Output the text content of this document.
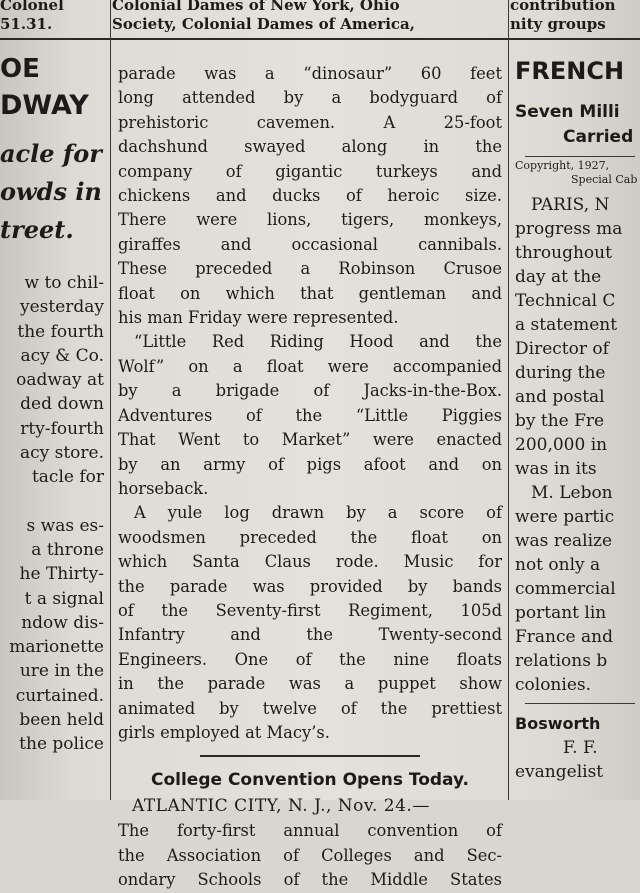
Colonel
51.31.
Colonial Dames of New York, Ohio
Society, Colonial Dames of America,
contribution
nity groups
OE
DWAY
acle for
owds in
treet.
w to chil-
yesterday
the fourth
acy & Co.
oadway at
ded down
rty-fourth
acy store.
tacle for
s was es-
a throne
he Thirty-
t a signal
ndow dis-
marionette
ure in the
curtained.
been held
the police
parade was a “dinosaur” 60 feet
long attended by a bodyguard of
prehistoric cavemen. A 25-foot
dachshund swayed along in the
company of gigantic turkeys and
chickens and ducks of heroic size.
There were lions, tigers, monkeys,
giraffes and occasional cannibals.
These preceded a Robinson Crusoe
float on which that gentleman and
his man Friday were represented.
“Little Red Riding Hood and the
Wolf” on a float were accompanied
by a brigade of Jacks-in-the-Box.
Adventures of the “Little Piggies
That Went to Market” were enacted
by an army of pigs afoot and on
horseback.
A yule log drawn by a score of
woodsmen preceded the float on
which Santa Claus rode. Music for
the parade was provided by bands
of the Seventy-first Regiment, 105d
Infantry and the Twenty-second
Engineers. One of the nine floats
in the parade was a puppet show
animated by twelve of the prettiest
girls employed at Macy’s.
College Convention Opens Today.
ATLANTIC CITY, N. J., Nov. 24.—
The forty-first annual convention of
the Association of Colleges and Sec-
ondary Schools of the Middle States
FRENCH
Seven Milli
Carried
Copyright, 1927,
Special Cab
PARIS, N
progress ma
throughout
day at the
Technical C
a statement
Director of
during the
and postal
by the Fre
200,000 in
was in its
M. Lebon
were partic
was realize
not only a
commercial
portant lin
France and
relations b
colonies.
Bosworth
F. F.
evangelist
